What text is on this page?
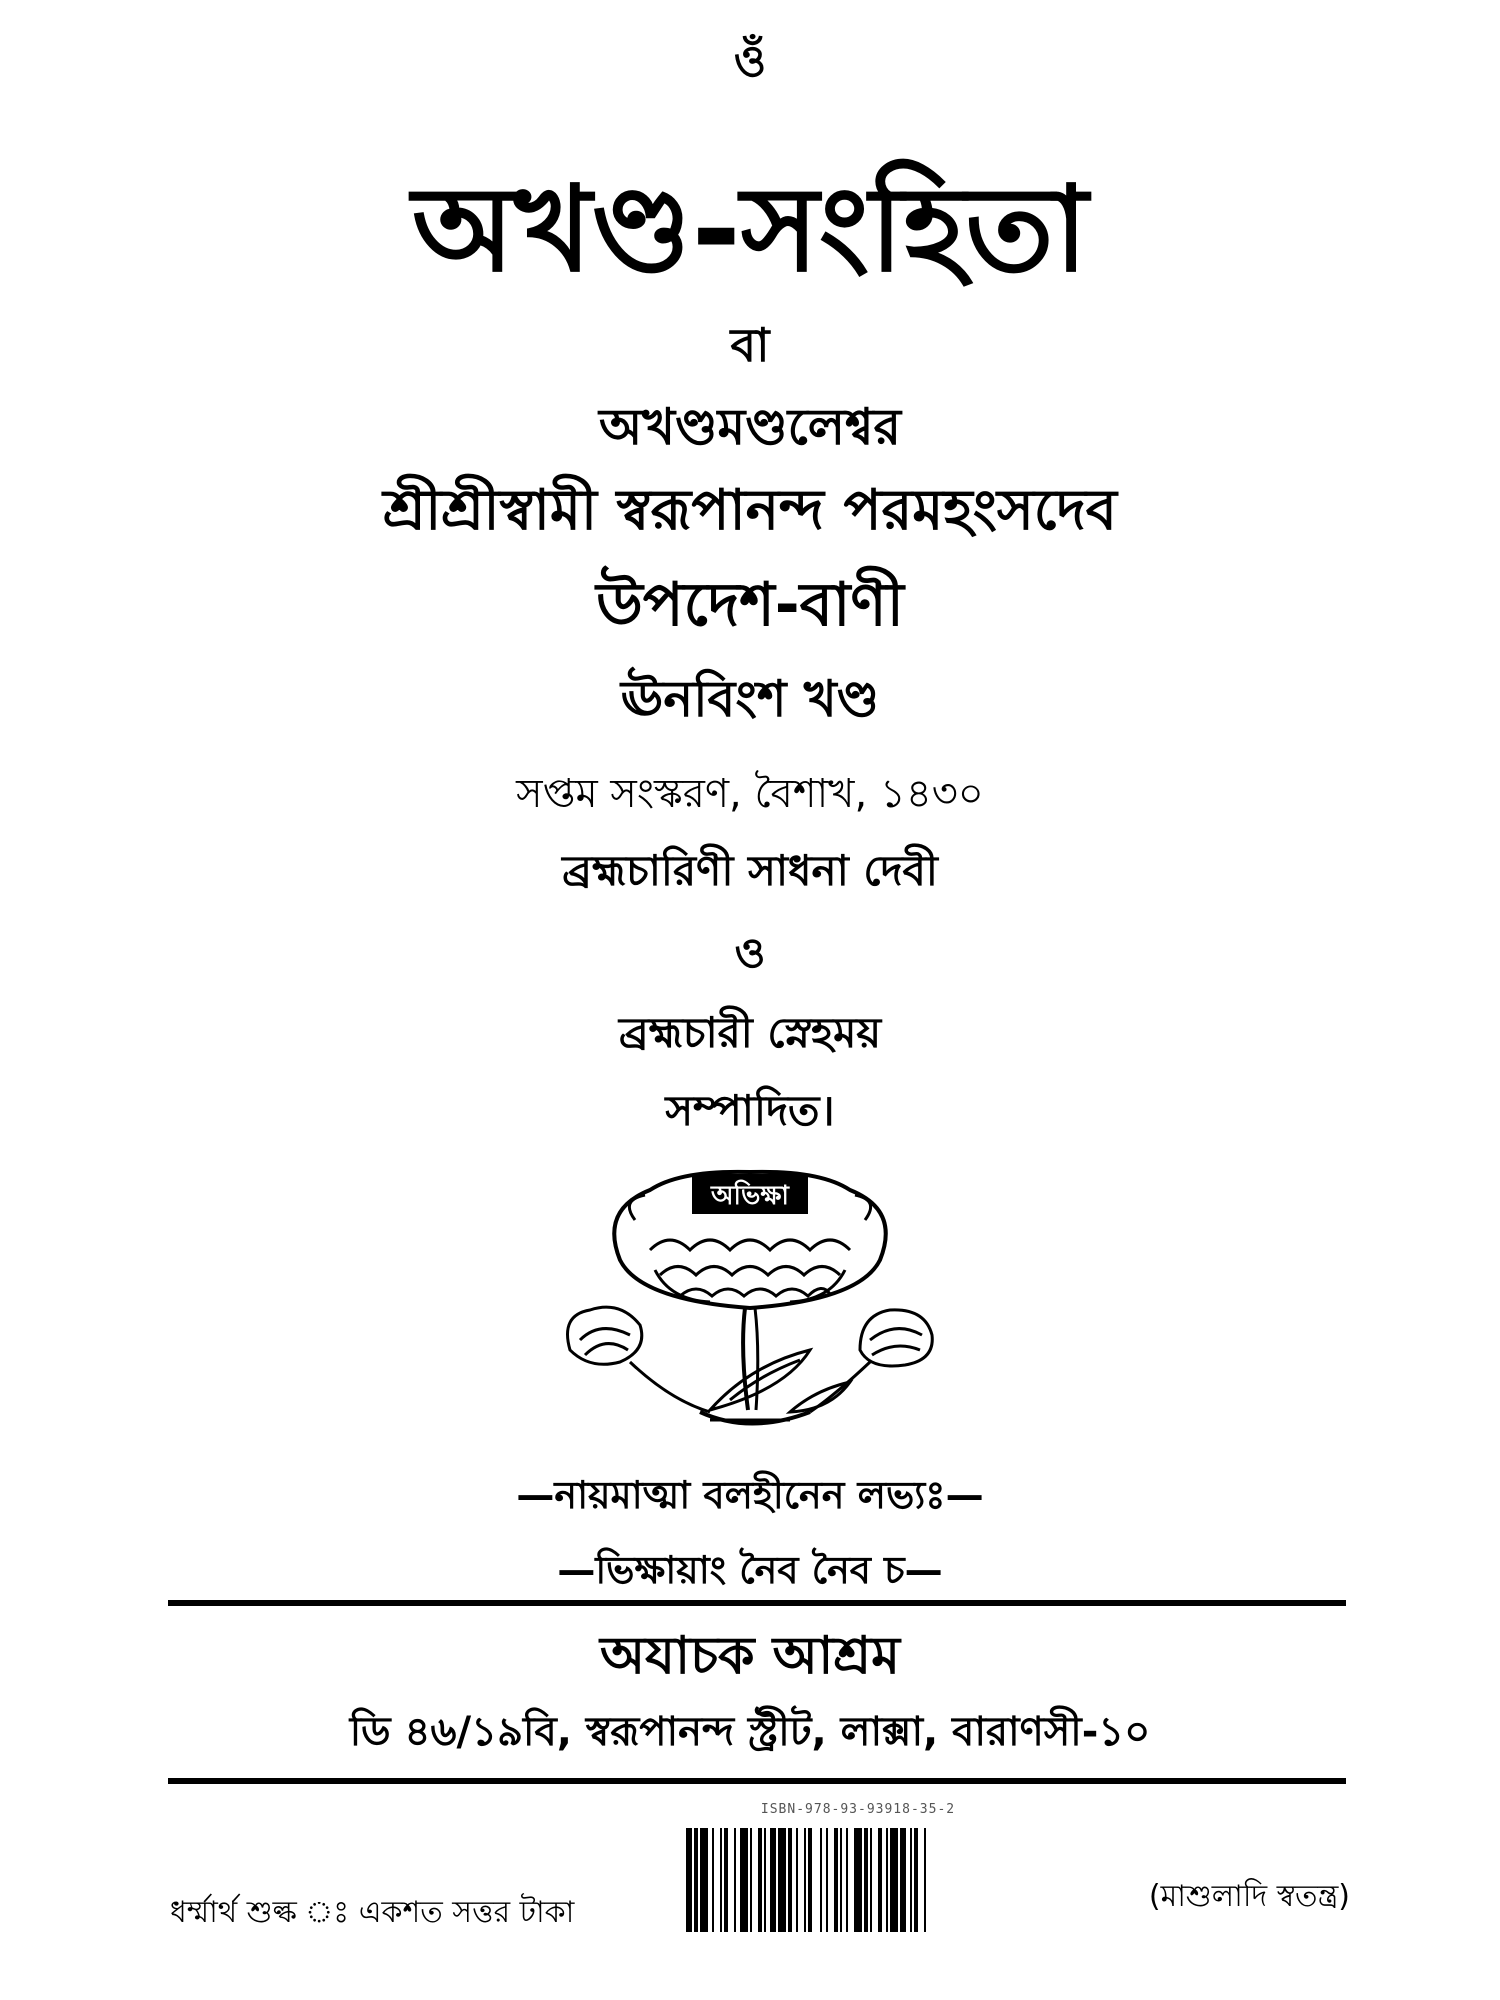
ওঁ
অখণ্ড-সংহিতা
বা
অখণ্ডমণ্ডলেশ্বর
শ্রীশ্রীস্বামী স্বরূপানন্দ পরমহংসদেব
উপদেশ-বাণী
ঊনবিংশ খণ্ড
সপ্তম সংস্করণ, বৈশাখ, ১৪৩০
ব্রহ্মচারিণী সাধনা দেবী
ও
ব্রহ্মচারী স্নেহময়
সম্পাদিত।
অভিক্ষা
—নায়মাত্মা বলহীনেন লভ্যঃ—
—ভিক্ষায়াং নৈব নৈব চ—
অযাচক আশ্রম
ডি ৪৬/১৯বি, স্বরূপানন্দ স্ট্রীট, লাক্সা, বারাণসী-১০
ISBN-978-93-93918-35-2
ধর্ম্মার্থ শুল্ক ঃ একশত সত্তর টাকা	(মাশুলাদি স্বতন্ত্র)
